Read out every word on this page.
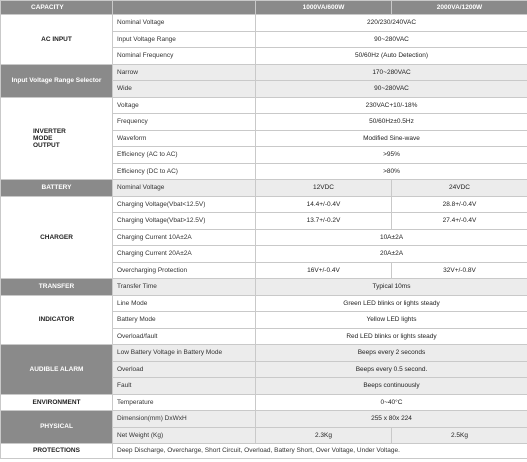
CAPACITY		1000VA/600W	2000VA/1200W
AC INPUT	Nominal Voltage	220/230/240VAC	
	Input Voltage Range	90~280VAC	
	Nominal Frequency	50/60Hz (Auto Detection)	
Input Voltage Range Selector	Narrow	170~280VAC	
	Wide	90~280VAC	

INVERTER MODE OUTPUT	Voltage	230VAC+10/-18%	
	Frequency	50/60Hz±0.5Hz	
	Waveform	Modified Sine-wave	
	Efficiency (AC to AC)	>95%	
	Efficiency (DC to AC)	>80%	
BATTERY	Nominal Voltage	12VDC	24VDC
CHARGER	Charging Voltage(Vbat<12.5V)	14.4+/-0.4V	28.8+/-0.4V
	Charging Voltage(Vbat>12.5V)	13.7+/-0.2V	27.4+/-0.4V
	Charging Current 10A±2A	10A±2A	
	Charging Current 20A±2A	20A±2A	
	Overcharging Protection	16V+/-0.4V	32V+/-0.8V
TRANSFER	Transfer Time	Typical 10ms	
INDICATOR	Line Mode	Green LED blinks or lights steady	
	Battery Mode	Yellow LED lights	
	Overload/fault	Red LED blinks or lights steady	
AUDIBLE ALARM	Low Battery Voltage in Battery Mode	Beeps every 2 seconds	
	Overload	Beeps every 0.5 second.	
	Fault	Beeps continuously	
ENVIRONMENT	Temperature	0~40°C	
PHYSICAL	Dimension(mm) DxWxH	255 x 80x 224	
	Net Weight (Kg)	2.3Kg	2.5Kg
PROTECTIONS	Deep Discharge, Overcharge, Short Circuit, Overload, Battery Short, Over Voltage, Under Voltage.		
